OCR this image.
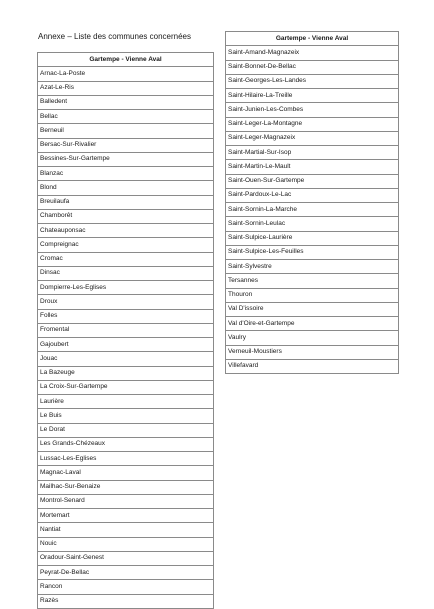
Annexe – Liste des communes concernées
Gartempe - Vienne Aval
Arnac-La-Poste
Azat-Le-Ris
Balledent
Bellac
Berneuil
Bersac-Sur-Rivalier
Bessines-Sur-Gartempe
Blanzac
Blond
Breuilaufa
Chamborêt
Chateauponsac
Compreignac
Cromac
Dinsac
Dompierre-Les-Eglises
Droux
Folles
Fromental
Gajoubert
Jouac
La Bazeuge
La Croix-Sur-Gartempe
Laurière
Le Buis
Le Dorat
Les Grands-Chézeaux
Lussac-Les-Eglises
Magnac-Laval
Mailhac-Sur-Benaize
Montrol-Senard
Mortemart
Nantiat
Nouic
Oradour-Saint-Genest
Peyrat-De-Bellac
Rancon
Razès
Gartempe - Vienne Aval
Saint-Amand-Magnazeix
Saint-Bonnet-De-Bellac
Saint-Georges-Les-Landes
Saint-Hilaire-La-Treille
Saint-Junien-Les-Combes
Saint-Leger-La-Montagne
Saint-Leger-Magnazeix
Saint-Martial-Sur-Isop
Saint-Martin-Le-Mault
Saint-Ouen-Sur-Gartempe
Saint-Pardoux-Le-Lac
Saint-Sornin-La-Marche
Saint-Sornin-Leulac
Saint-Sulpice-Laurière
Saint-Sulpice-Les-Feuilles
Saint-Sylvestre
Tersannes
Thouron
Val D'issoire
Val d'Oire-et-Gartempe
Vaulry
Verneuil-Moustiers
Villefavard
